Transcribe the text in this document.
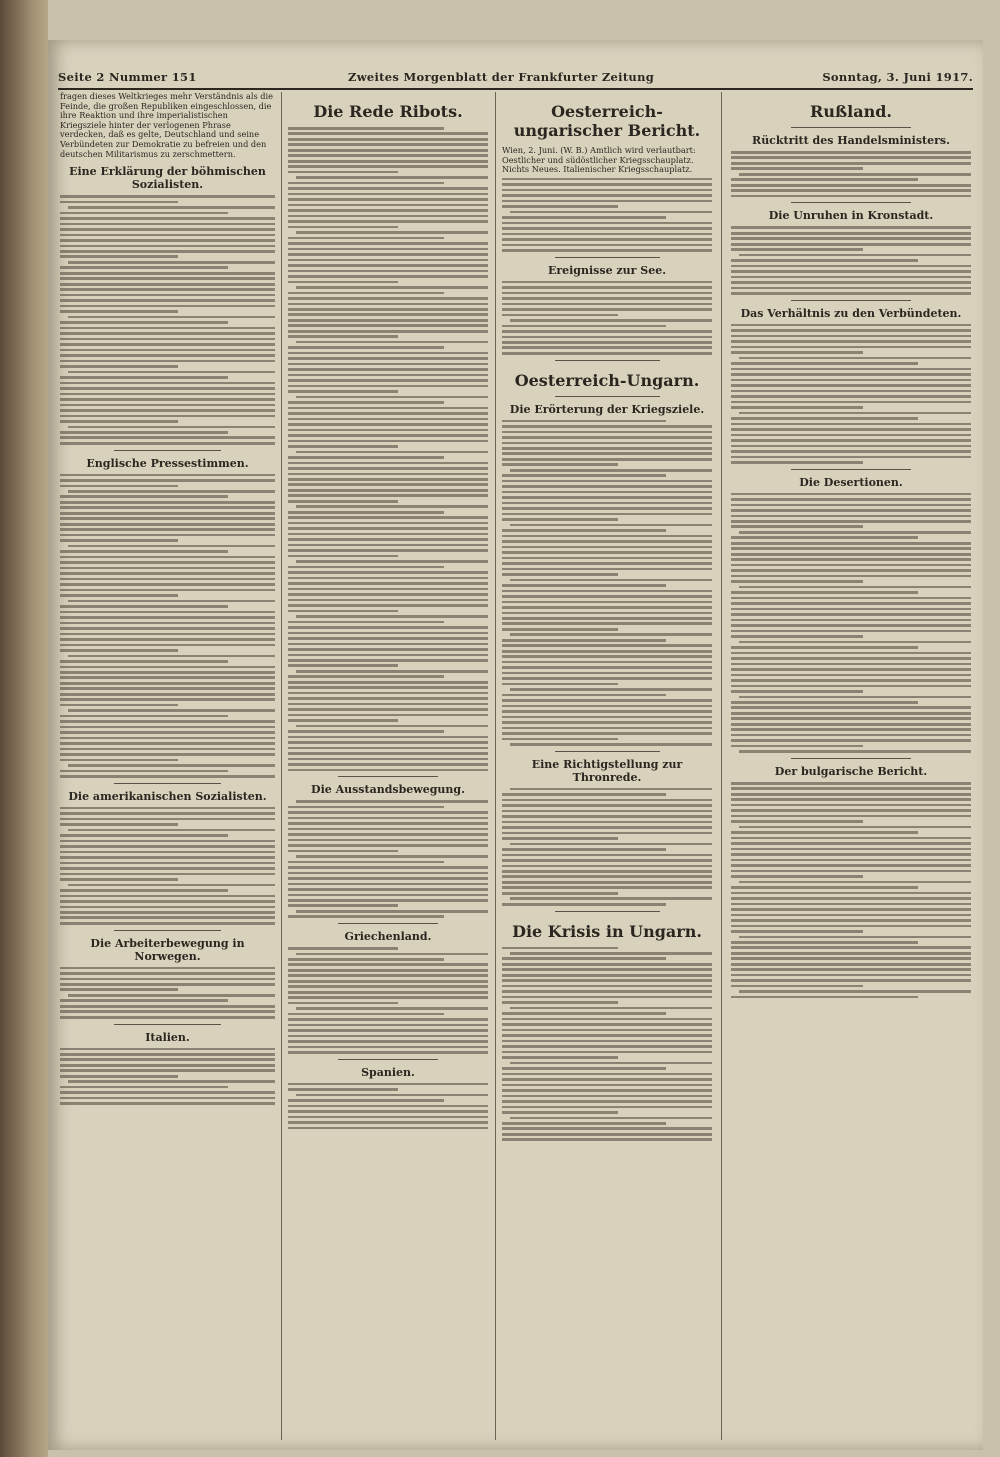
Seite 2 Nummer 151	Zweites Morgenblatt der Frankfurter Zeitung	Sonntag, 3. Juni 1917.

fragen dieses Weltkrieges mehr Verständnis als die Feinde, die großen Republiken eingeschlossen, die ihre Reaktion und ihre imperialistischen Kriegsziele hinter der verlogenen Phrase verdecken, daß es gelte, Deutschland und seine Verbündeten zur Demokratie zu befreien und den deutschen Militarismus zu zerschmettern.

Eine Erklärung der böhmischen Sozialisten.
Englische Pressestimmen.
Die amerikanischen Sozialisten.
Die Arbeiterbewegung in Norwegen.
Italien.
Die Rede Ribots.
Die Ausstandsbewegung.
Griechenland.
Spanien.
Oesterreich-ungarischer Bericht.

Wien, 2. Juni. (W. B.) Amtlich wird verlautbart: Oestlicher und südöstlicher Kriegsschauplatz. Nichts Neues. Italienischer Kriegsschauplatz.

Ereignisse zur See.
Oesterreich-Ungarn.
Die Erörterung der Kriegsziele.
Eine Richtigstellung zur Thronrede.
Die Krisis in Ungarn.
Rußland.
Rücktritt des Handelsministers.
Die Unruhen in Kronstadt.
Das Verhältnis zu den Verbündeten.
Die Desertionen.
Der bulgarische Bericht.
